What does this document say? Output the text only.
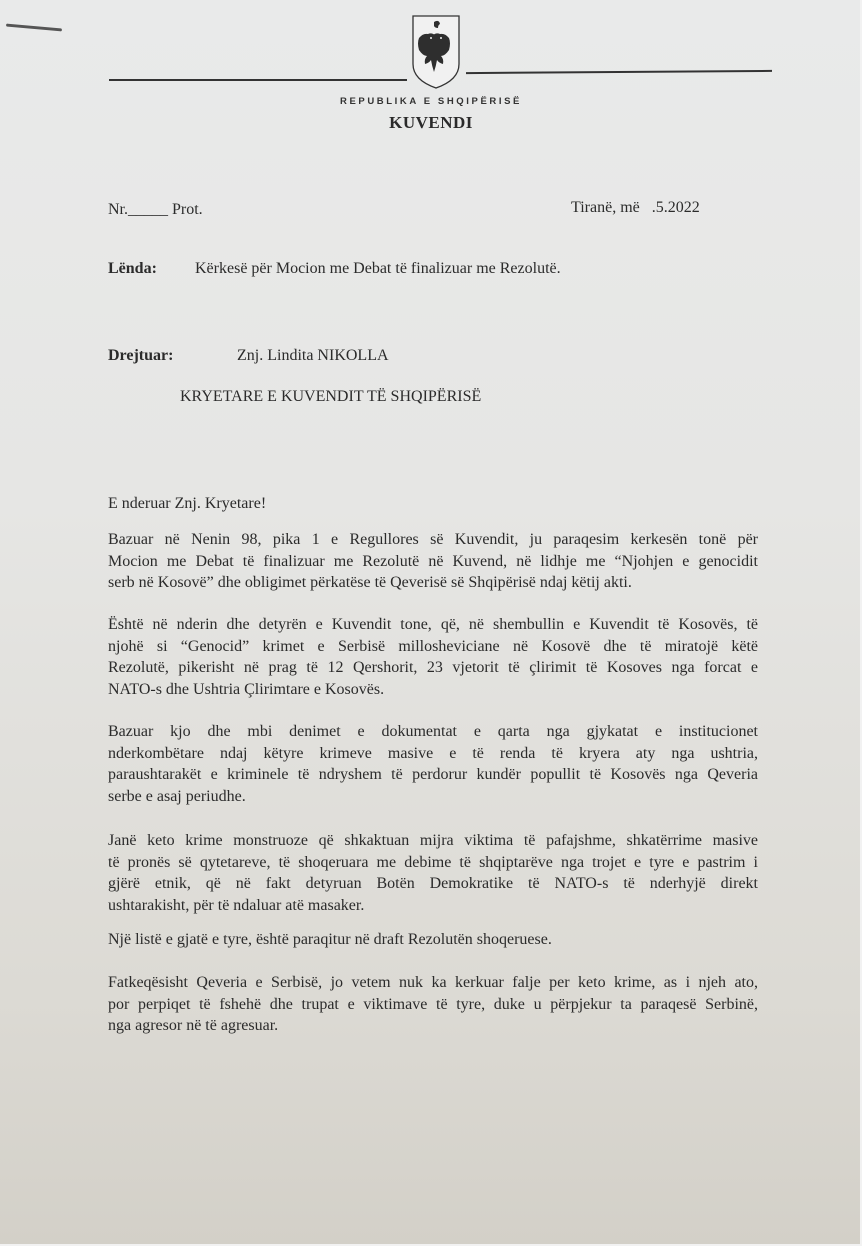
REPUBLIKA E SHQIPËRISË
KUVENDI
Nr._____ Prot.	Tiranë, më .5.2022
Lënda: Kërkesë për Mocion me Debat të finalizuar me Rezolutë.
Drejtuar:	Znj. Lindita NIKOLLA
KRYETARE E KUVENDIT TË SHQIPËRISË
E nderuar Znj. Kryetare!
Bazuar në Nenin 98, pika 1 e Regullores së Kuvendit, ju paraqesim kerkesën tonë për
Mocion me Debat të finalizuar me Rezolutë në Kuvend, në lidhje me “Njohjen e genocidit
serb në Kosovë” dhe obligimet përkatëse të Qeverisë së Shqipërisë ndaj këtij akti.
Është në nderin dhe detyrën e Kuvendit tone, që, në shembullin e Kuvendit të Kosovës, të
njohë si “Genocid” krimet e Serbisë milloshevicianе në Kosovë dhe të miratojë këtë
Rezolutë, pikerisht në prag të 12 Qershorit, 23 vjetorit të çlirimit të Kosoves nga forcat e
NATO-s dhe Ushtria Çlirimtare e Kosovës.
Bazuar kjo dhe mbi denimet e dokumentat e qarta nga gjykatat e institucionet
nderkombëtare ndaj këtyre krimeve masive e të renda të kryera aty nga ushtria,
paraushtarakët e kriminele të ndryshem të perdorur kundër popullit të Kosovës nga Qeveria
serbe e asaj periudhe.
Janë keto krime monstruoze që shkaktuan mijra viktima të pafajshme, shkatërrime masive
të pronës së qytetareve, të shoqeruara me debime të shqiptarëve nga trojet e tyre e pastrim i
gjërë etnik, që në fakt detyruan Botën Demokratike të NATO-s të nderhyjë direkt
ushtarakisht, për të ndaluar atë masaker.
Një listë e gjatë e tyre, është paraqitur në draft Rezolutën shoqeruese.
Fatkeqësisht Qeveria e Serbisë, jo vetem nuk ka kerkuar falje per keto krime, as i njeh ato,
por perpiqet të fshehë dhe trupat e viktimave të tyre, duke u përpjekur ta paraqesë Serbinë,
nga agresor në të agresuar.
